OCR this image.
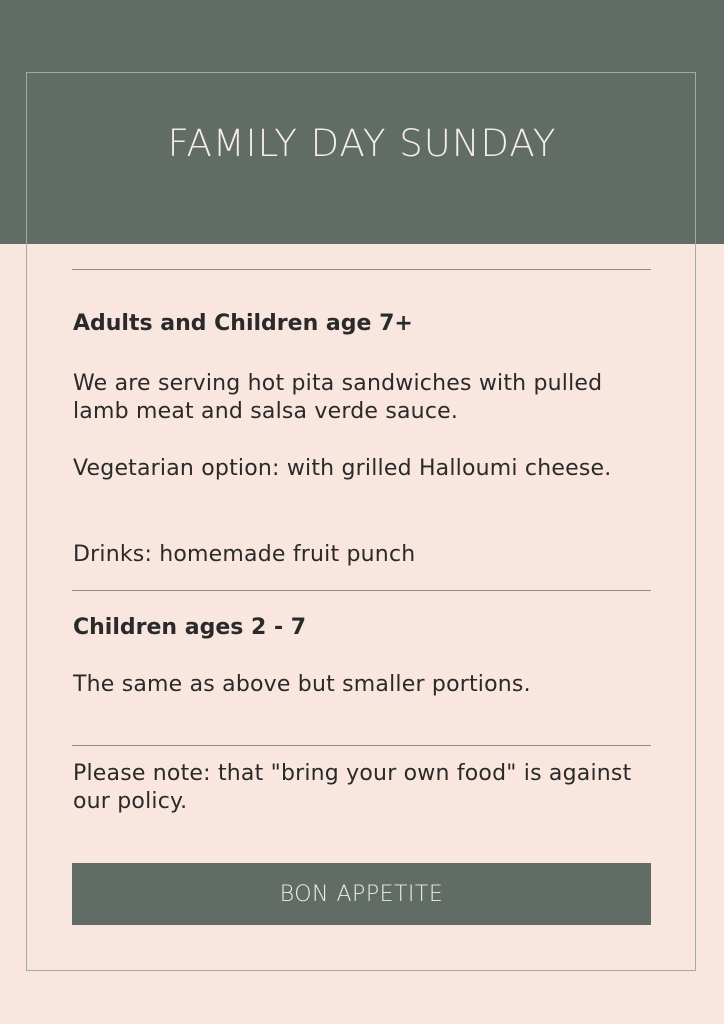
FAMILY DAY SUNDAY
Adults and Children age 7+
We are serving hot pita sandwiches with pulled lamb meat and salsa verde sauce.
Vegetarian option: with grilled Halloumi cheese.
Drinks: homemade fruit punch
Children ages 2 - 7
The same as above but smaller portions.
Please note: that "bring your own food" is against our policy.
BON APPETITE
